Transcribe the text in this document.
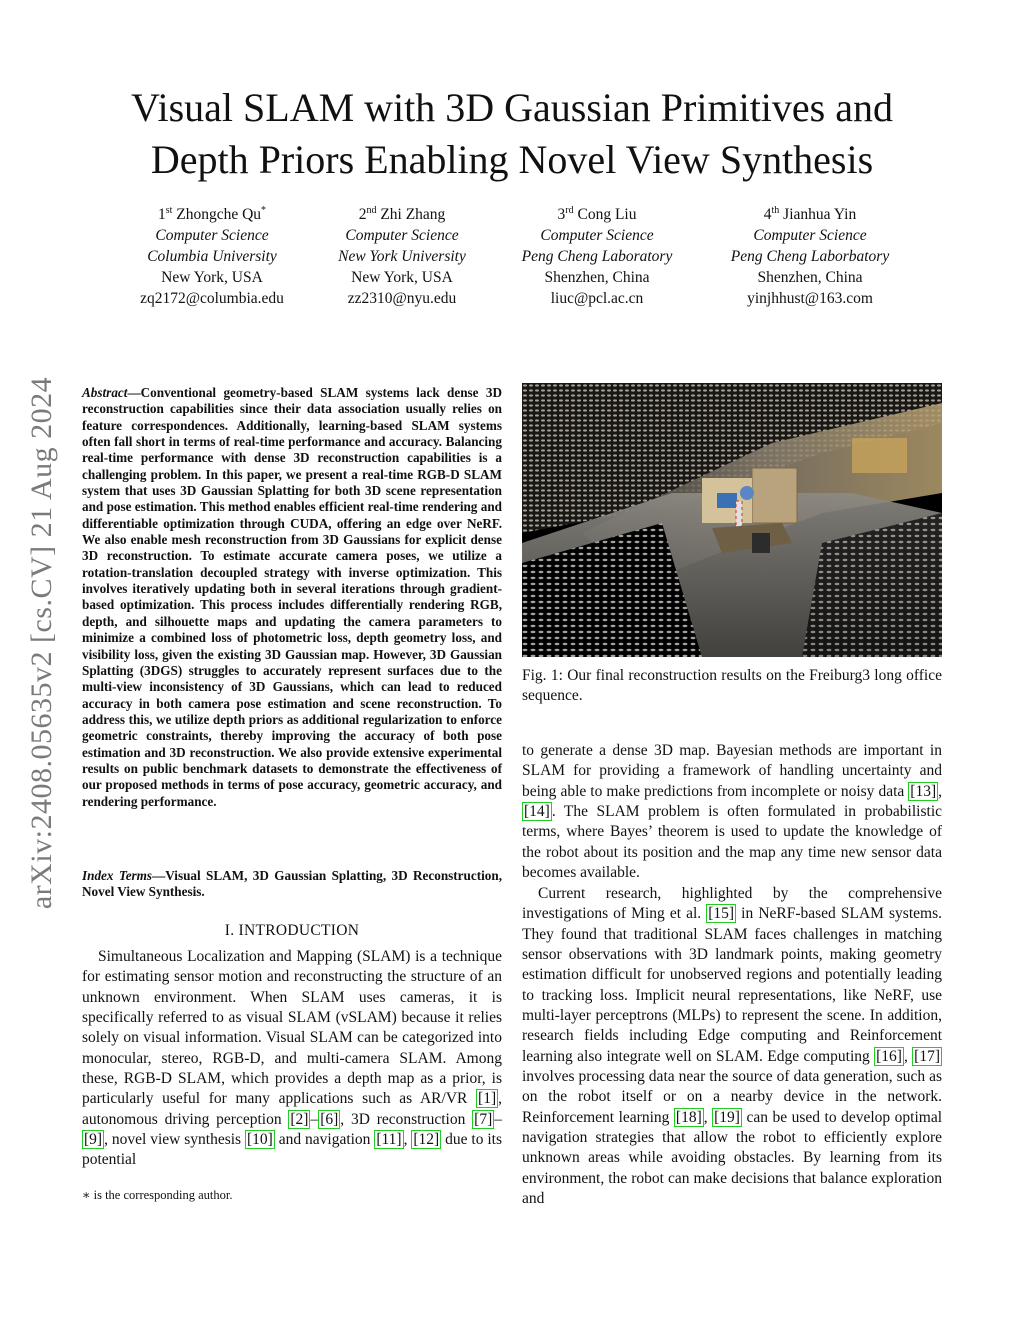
arXiv:2408.05635v2 [cs.CV] 21 Aug 2024
Visual SLAM with 3D Gaussian Primitives and Depth Priors Enabling Novel View Synthesis
1st Zhongche Qu*
Computer Science
Columbia University
New York, USA
zq2172@columbia.edu
2nd Zhi Zhang
Computer Science
New York University
New York, USA
zz2310@nyu.edu
3rd Cong Liu
Computer Science
Peng Cheng Laboratory
Shenzhen, China
liuc@pcl.ac.cn
4th Jianhua Yin
Computer Science
Peng Cheng Laborbatory
Shenzhen, China
yinjhhust@163.com
Abstract—Conventional geometry-based SLAM systems lack dense 3D reconstruction capabilities since their data association usually relies on feature correspondences. Additionally, learning-based SLAM systems often fall short in terms of real-time performance and accuracy. Balancing real-time performance with dense 3D reconstruction capabilities is a challenging problem. In this paper, we present a real-time RGB-D SLAM system that uses 3D Gaussian Splatting for both 3D scene representation and pose estimation. This method enables efficient real-time rendering and differentiable optimization through CUDA, offering an edge over NeRF. We also enable mesh reconstruction from 3D Gaussians for explicit dense 3D reconstruction. To estimate accurate camera poses, we utilize a rotation-translation decoupled strategy with inverse optimization. This involves iteratively updating both in several iterations through gradient-based optimization. This process includes differentially rendering RGB, depth, and silhouette maps and updating the camera parameters to minimize a combined loss of photometric loss, depth geometry loss, and visibility loss, given the existing 3D Gaussian map. However, 3D Gaussian Splatting (3DGS) struggles to accurately represent surfaces due to the multi-view inconsistency of 3D Gaussians, which can lead to reduced accuracy in both camera pose estimation and scene reconstruction. To address this, we utilize depth priors as additional regularization to enforce geometric constraints, thereby improving the accuracy of both pose estimation and 3D reconstruction. We also provide extensive experimental results on public benchmark datasets to demonstrate the effectiveness of our proposed methods in terms of pose accuracy, geometric accuracy, and rendering performance.
Index Terms—Visual SLAM, 3D Gaussian Splatting, 3D Reconstruction, Novel View Synthesis.
I. INTRODUCTION
Simultaneous Localization and Mapping (SLAM) is a technique for estimating sensor motion and reconstructing the structure of an unknown environment. When SLAM uses cameras, it is specifically referred to as visual SLAM (vSLAM) because it relies solely on visual information. Visual SLAM can be categorized into monocular, stereo, RGB-D, and multi-camera SLAM. Among these, RGB-D SLAM, which provides a depth map as a prior, is particularly useful for many applications such as AR/VR [1] , autonomous driving perception [2] – [6] , 3D reconstruction [7] –[9] , novel view synthesis [10] and navigation [11] , [12] due to its potential
∗ is the corresponding author.
Fig. 1: Our final reconstruction results on the Freiburg3 long office sequence.
to generate a dense 3D map. Bayesian methods are important in SLAM for providing a framework of handling uncertainty and being able to make predictions from incomplete or noisy data [13] , [14] . The SLAM problem is often formulated in probabilistic terms, where Bayes’ theorem is used to update the knowledge of the robot about its position and the map any time new sensor data becomes available.
Current research, highlighted by the comprehensive investigations of Ming et al. [15] in NeRF-based SLAM systems. They found that traditional SLAM faces challenges in matching sensor observations with 3D landmark points, making geometry estimation difficult for unobserved regions and potentially leading to tracking loss. Implicit neural representations, like NeRF, use multi-layer perceptrons (MLPs) to represent the scene. In addition, research fields including Edge computing and Reinforcement learning also integrate well on SLAM. Edge computing [16] , [17] involves processing data near the source of data generation, such as on the robot itself or on a nearby device in the network. Reinforcement learning [18] , [19] can be used to develop optimal navigation strategies that allow the robot to efficiently explore unknown areas while avoiding obstacles. By learning from its environment, the robot can make decisions that balance exploration and
